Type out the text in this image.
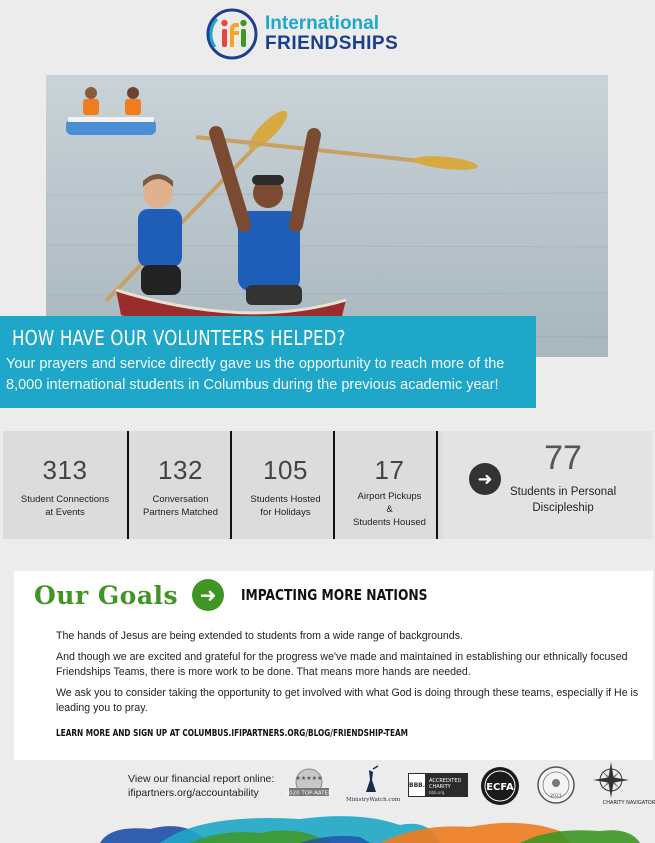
International
FRIENDSHIPS
HOW HAVE OUR VOLUNTEERS HELPED?
Your prayers and service directly gave us the opportunity to reach more of the 8,000 international students in Columbus during the previous academic year!
313
Student Connections
at Events
132
Conversation
Partners Matched
105
Students Hosted
for Holidays
17
Airport Pickups
&
Students Housed
➜
77
Students in Personal
Discipleship
Our Goals	➜	IMPACTING MORE NATIONS

The hands of Jesus are being extended to students from a wide range of backgrounds.

And though we are excited and grateful for the progress we've made and maintained in establishing our ethnically focused Friendships Teams, there is more work to be done. That means more hands are needed.

We ask you to consider taking the opportunity to get involved with what God is doing through these teams, especially if He is leading you to pray.

LEARN MORE AND SIGN UP AT COLUMBUS.IFIPARTNERS.ORG/BLOG/FRIENDSHIP-TEAM
View our financial report online:
ifipartners.org/accountability
★★★★★
2020 TOP-RATED
MinistryWatch.com
BBB.
ACCREDITED
CHARITY
bbb.org	ECFA
2021
CHARITY NAVIGATOR
